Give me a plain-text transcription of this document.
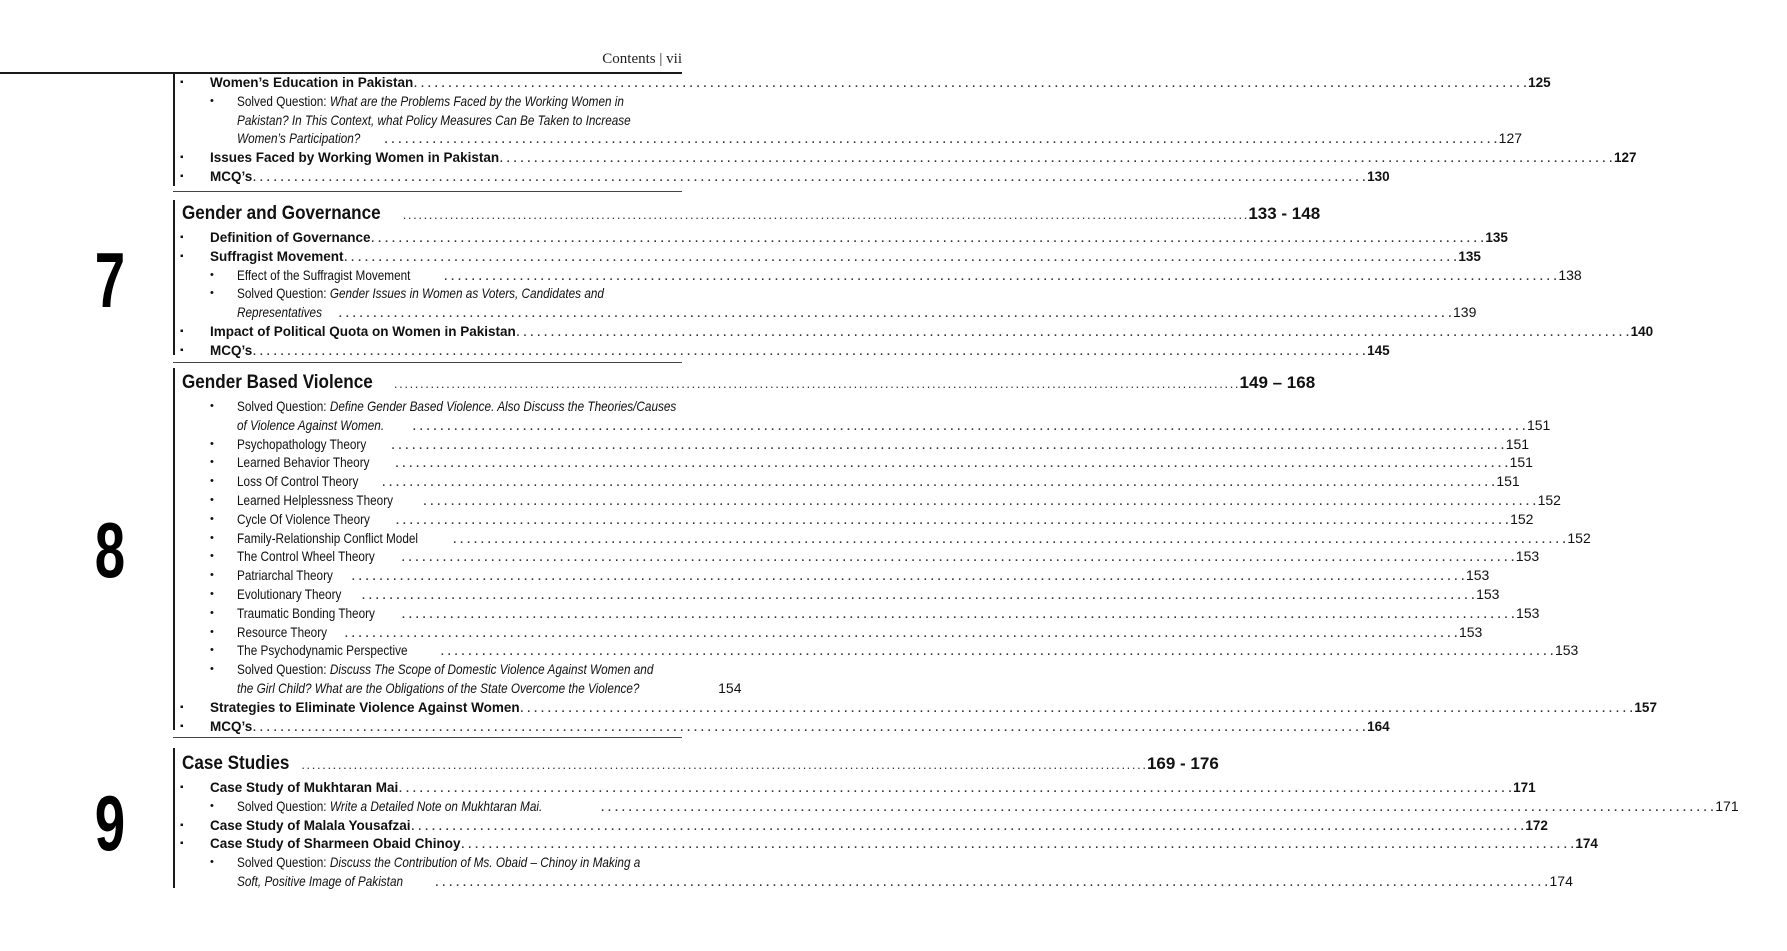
Contents | vii
▪	Women’s Education in Pakistan . . .	125
•	Solved Question: What are the Problems Faced by the Working Women in
Pakistan? In This Context, what Policy Measures Can Be Taken to Increase
Women’s Participation? . . .	127
▪	Issues Faced by Working Women in Pakistan . . .	127
▪	MCQ’s . . .	130
7
Gender and Governance . . .	133 - 148
▪	Definition of Governance . . .	135
▪	Suffragist Movement . . .	135
•	Effect of the Suffragist Movement . . .	138
•	Solved Question: Gender Issues in Women as Voters, Candidates and
Representatives . . .	139
▪	Impact of Political Quota on Women in Pakistan . . .	140
▪	MCQ’s . . .	145
8
Gender Based Violence . . .	149 – 168
•	Solved Question: Define Gender Based Violence. Also Discuss the Theories/Causes
of Violence Against Women. . . .	151
•	Psychopathology Theory . . .	151
•	Learned Behavior Theory . . .	151
•	Loss Of Control Theory . . .	151
•	Learned Helplessness Theory . . .	152
•	Cycle Of Violence Theory . . .	152
•	Family-Relationship Conflict Model . . .	152
•	The Control Wheel Theory . . .	153
•	Patriarchal Theory . . .	153
•	Evolutionary Theory . . .	153
•	Traumatic Bonding Theory . . .	153
•	Resource Theory . . .	153
•	The Psychodynamic Perspective . . .	153
•	Solved Question: Discuss The Scope of Domestic Violence Against Women and
the Girl Child? What are the Obligations of the State Overcome the Violence?	154
▪	Strategies to Eliminate Violence Against Women . . .	157
▪	MCQ’s . . .	164
9
Case Studies . . .	169 - 176
▪	Case Study of Mukhtaran Mai . . .	171
•	Solved Question: Write a Detailed Note on Mukhtaran Mai. . . .	171
▪	Case Study of Malala Yousafzai . . .	172
▪	Case Study of Sharmeen Obaid Chinoy . . .	174
•	Solved Question: Discuss the Contribution of Ms. Obaid – Chinoy in Making a
Soft, Positive Image of Pakistan . . .	174
